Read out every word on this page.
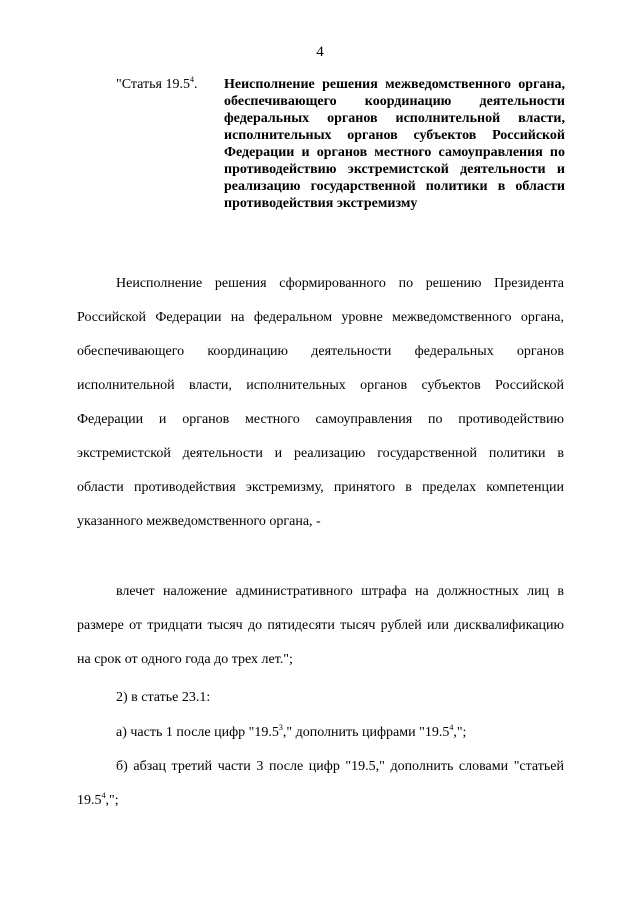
4
"Статья 19.5$^4$. Неисполнение решения межведомственного органа, обеспечивающего координацию деятельности федеральных органов исполнительной власти, исполнительных органов субъектов Российской Федерации и органов местного самоуправления по противодействию экстремистской деятельности и реализацию государственной политики в области противодействия экстремизму

Неисполнение решения сформированного по решению Президента Российской Федерации на федеральном уровне межведомственного органа, обеспечивающего координацию деятельности федеральных органов исполнительной власти, исполнительных органов субъектов Российской Федерации и органов местного самоуправления по противодействию экстремистской деятельности и реализацию государственной политики в области противодействия экстремизму, принятого в пределах компетенции указанного межведомственного органа, -

влечет наложение административного штрафа на должностных лиц в размере от тридцати тысяч до пятидесяти тысяч рублей или дисквалификацию на срок от одного года до трех лет.";

2) в статье 23.1:

а) часть 1 после цифр "19.5$^3$," дополнить цифрами "19.5$^4$,";

б) абзац третий части 3 после цифр "19.5," дополнить словами "статьей 19.5$^4$,";
